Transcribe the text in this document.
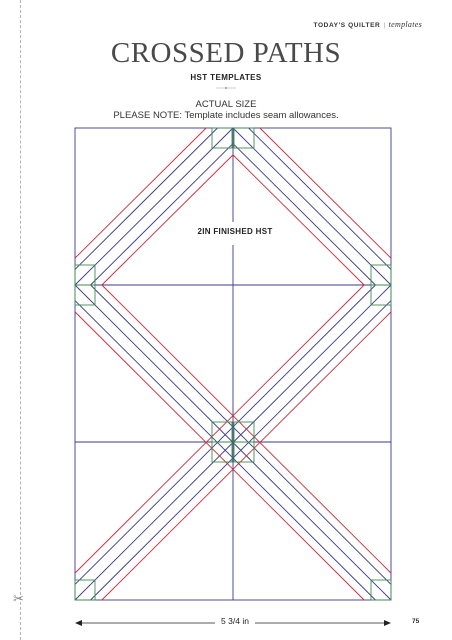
✂
TODAY'S QUILTER | templates
CROSSED PATHS
HST TEMPLATES
ACTUAL SIZE
PLEASE NOTE: Template includes seam allowances.
2IN FINISHED HST
5 3/4 in	75
